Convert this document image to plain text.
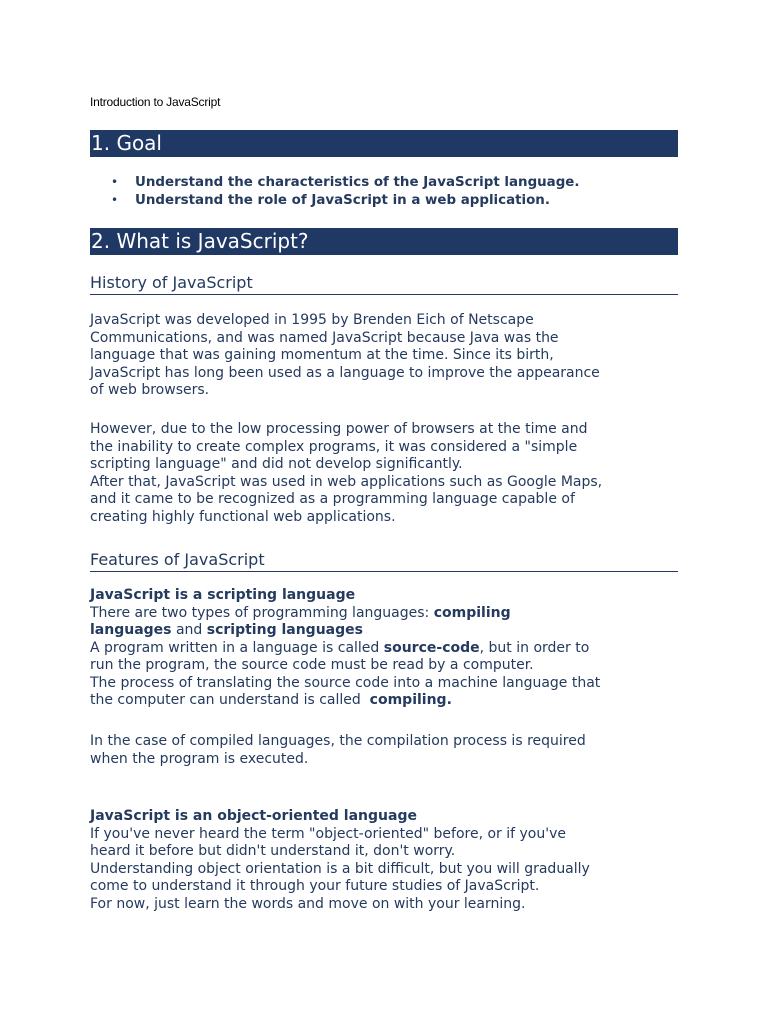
Introduction to JavaScript
1. Goal
• Understand the characteristics of the JavaScript language.
• Understand the role of JavaScript in a web application.
2. What is JavaScript?
History of JavaScript
JavaScript was developed in 1995 by Brenden Eich of Netscape
Communications, and was named JavaScript because Java was the
language that was gaining momentum at the time. Since its birth,
JavaScript has long been used as a language to improve the appearance
of web browsers.
However, due to the low processing power of browsers at the time and
the inability to create complex programs, it was considered a "simple
scripting language" and did not develop significantly.
After that, JavaScript was used in web applications such as Google Maps,
and it came to be recognized as a programming language capable of
creating highly functional web applications.
Features of JavaScript
JavaScript is a scripting language
There are two types of programming languages: compiling
languages and scripting languages
A program written in a language is called source-code, but in order to
run the program, the source code must be read by a computer.
The process of translating the source code into a machine language that
the computer can understand is called  compiling.
In the case of compiled languages, the compilation process is required
when the program is executed.
JavaScript is an object-oriented language
If you've never heard the term "object-oriented" before, or if you've
heard it before but didn't understand it, don't worry.
Understanding object orientation is a bit difficult, but you will gradually
come to understand it through your future studies of JavaScript.
For now, just learn the words and move on with your learning.
